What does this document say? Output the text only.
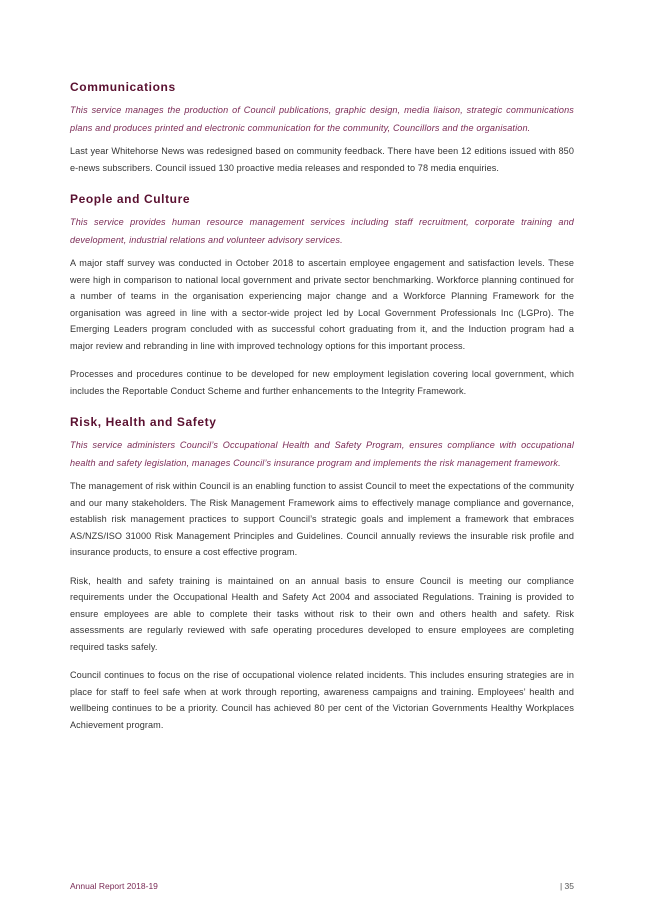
Communications

This service manages the production of Council publications, graphic design, media liaison, strategic communications plans and produces printed and electronic communication for the community, Councillors and the organisation.

Last year Whitehorse News was redesigned based on community feedback. There have been 12 editions issued with 850 e-news subscribers. Council issued 130 proactive media releases and responded to 78 media enquiries.

People and Culture

This service provides human resource management services including staff recruitment, corporate training and development, industrial relations and volunteer advisory services.

A major staff survey was conducted in October 2018 to ascertain employee engagement and satisfaction levels. These were high in comparison to national local government and private sector benchmarking. Workforce planning continued for a number of teams in the organisation experiencing major change and a Workforce Planning Framework for the organisation was agreed in line with a sector-wide project led by Local Government Professionals Inc (LGPro). The Emerging Leaders program concluded with as successful cohort graduating from it, and the Induction program had a major review and rebranding in line with improved technology options for this important process.

Processes and procedures continue to be developed for new employment legislation covering local government, which includes the Reportable Conduct Scheme and further enhancements to the Integrity Framework.

Risk, Health and Safety

This service administers Council’s Occupational Health and Safety Program, ensures compliance with occupational health and safety legislation, manages Council’s insurance program and implements the risk management framework.

The management of risk within Council is an enabling function to assist Council to meet the expectations of the community and our many stakeholders. The Risk Management Framework aims to effectively manage compliance and governance, establish risk management practices to support Council’s strategic goals and implement a framework that embraces AS/NZS/ISO 31000 Risk Management Principles and Guidelines. Council annually reviews the insurable risk profile and insurance products, to ensure a cost effective program.

Risk, health and safety training is maintained on an annual basis to ensure Council is meeting our compliance requirements under the Occupational Health and Safety Act 2004 and associated Regulations. Training is provided to ensure employees are able to complete their tasks without risk to their own and others health and safety. Risk assessments are regularly reviewed with safe operating procedures developed to ensure employees are completing required tasks safely.

Council continues to focus on the rise of occupational violence related incidents. This includes ensuring strategies are in place for staff to feel safe when at work through reporting, awareness campaigns and training. Employees’ health and wellbeing continues to be a priority. Council has achieved 80 per cent of the Victorian Governments Healthy Workplaces Achievement program.

Annual Report 2018-19	| 35
